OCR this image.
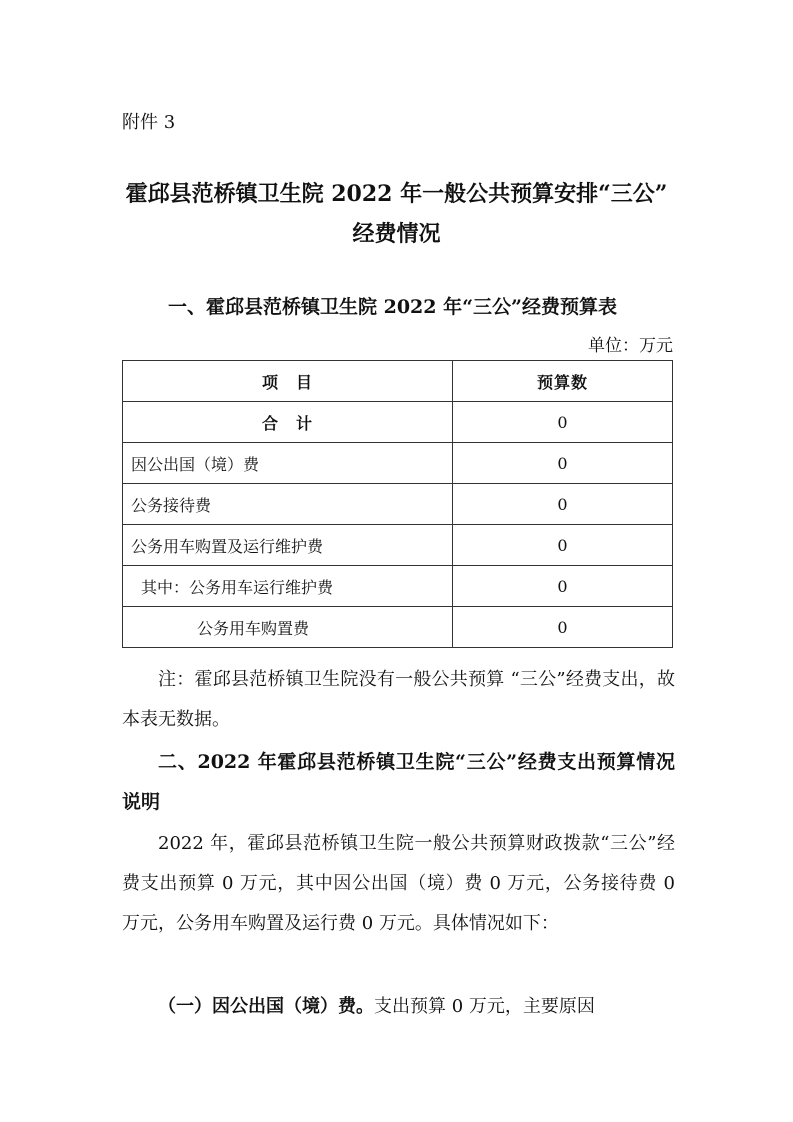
附件 3
霍邱县范桥镇卫生院 2022 年一般公共预算安排“三公”
经费情况
一、霍邱县范桥镇卫生院 2022 年“三公”经费预算表
单位：万元
项　目	预算数
合　计	0
因公出国（境）费	0
公务接待费	0
公务用车购置及运行维护费	0
其中：公务用车运行维护费	0
公务用车购置费	0
注：霍邱县范桥镇卫生院没有一般公共预算 “三公”经费支出，故本表无数据。
二、2022 年霍邱县范桥镇卫生院“三公”经费支出预算情况说明
2022 年，霍邱县范桥镇卫生院一般公共预算财政拨款“三公”经费支出预算 0 万元，其中因公出国（境）费 0 万元，公务接待费 0 万元，公务用车购置及运行费 0 万元。具体情况如下：
（一）因公出国（境）费。支出预算 0 万元，主要原因
